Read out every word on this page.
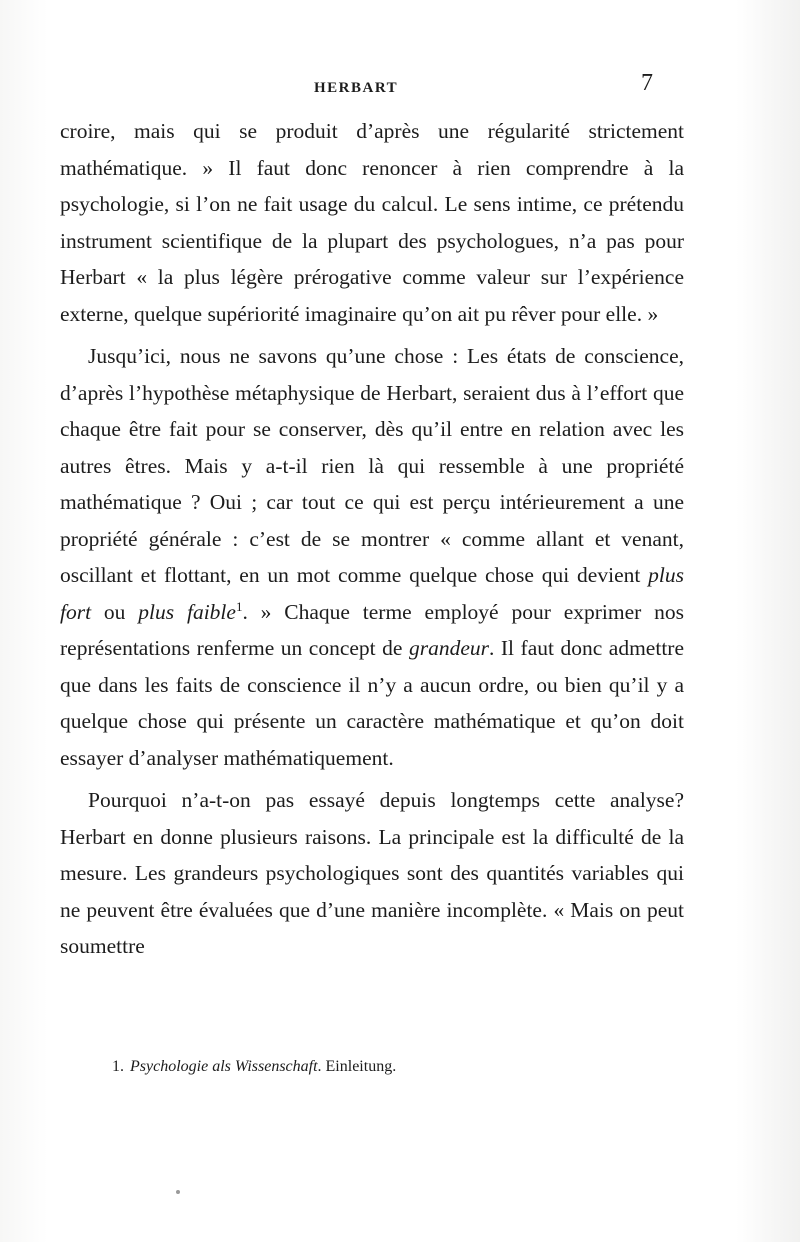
HERBART	7

croire, mais qui se produit d’après une régularité strictement mathématique. » Il faut donc renoncer à rien comprendre à la psychologie, si l’on ne fait usage du calcul. Le sens intime, ce prétendu instrument scientifique de la plupart des psychologues, n’a pas pour Herbart « la plus légère prérogative comme valeur sur l’expérience externe, quelque supériorité imaginaire qu’on ait pu rêver pour elle. »

Jusqu’ici, nous ne savons qu’une chose : Les états de conscience, d’après l’hypothèse métaphysique de Herbart, seraient dus à l’effort que chaque être fait pour se conserver, dès qu’il entre en relation avec les autres êtres. Mais y a-t-il rien là qui ressemble à une propriété mathématique ? Oui ; car tout ce qui est perçu intérieurement a une propriété générale : c’est de se montrer « comme allant et venant, oscillant et flottant, en un mot comme quelque chose qui devient plus fort ou plus faible$^1$. » Chaque terme employé pour exprimer nos représentations renferme un concept de grandeur. Il faut donc admettre que dans les faits de conscience il n’y a aucun ordre, ou bien qu’il y a quelque chose qui présente un caractère mathématique et qu’on doit essayer d’analyser mathématiquement.

Pourquoi n’a-t-on pas essayé depuis longtemps cette analyse? Herbart en donne plusieurs raisons. La principale est la difficulté de la mesure. Les grandeurs psychologiques sont des quantités variables qui ne peuvent être évaluées que d’une manière incomplète. « Mais on peut soumettre

1. Psychologie als Wissenschaft. Einleitung.
